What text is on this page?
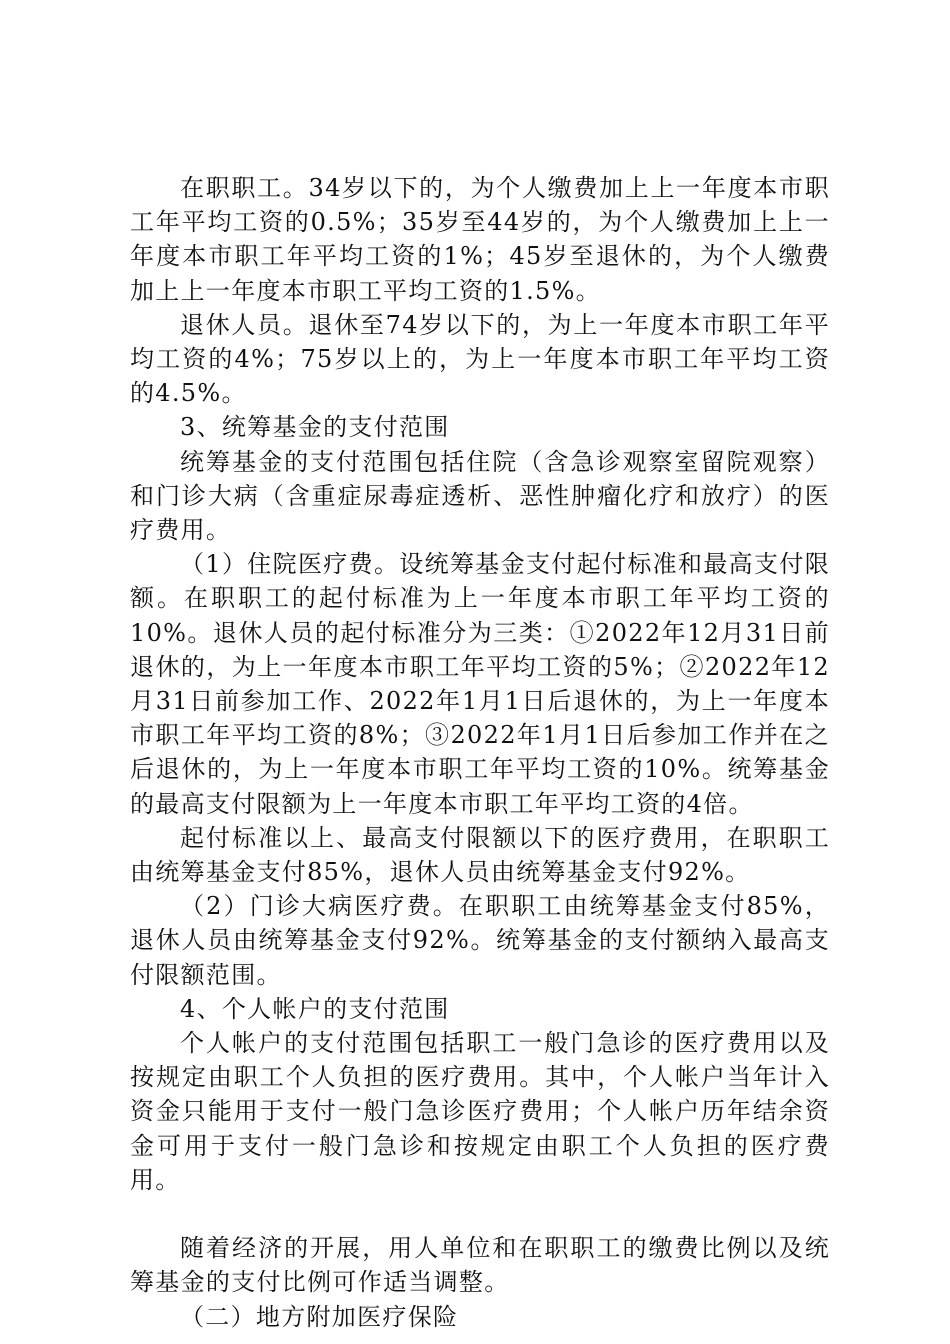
在职职工。34岁以下的，为个人缴费加上上一年度本市职工年平均工资的0.5%；35岁至44岁的，为个人缴费加上上一年度本市职工年平均工资的1%；45岁至退休的，为个人缴费加上上一年度本市职工平均工资的1.5%。

退休人员。退休至74岁以下的，为上一年度本市职工年平均工资的4%；75岁以上的，为上一年度本市职工年平均工资的4.5%。

3、统筹基金的支付范围

统筹基金的支付范围包括住院（含急诊观察室留院观察）和门诊大病（含重症尿毒症透析、恶性肿瘤化疗和放疗）的医疗费用。

（1）住院医疗费。设统筹基金支付起付标准和最高支付限额。在职职工的起付标准为上一年度本市职工年平均工资的10%。退休人员的起付标准分为三类：①2022年12月31日前退休的，为上一年度本市职工年平均工资的5%；②2022年12月31日前参加工作、2022年1月1日后退休的，为上一年度本市职工年平均工资的8%；③2022年1月1日后参加工作并在之后退休的，为上一年度本市职工年平均工资的10%。统筹基金的最高支付限额为上一年度本市职工年平均工资的4倍。

起付标准以上、最高支付限额以下的医疗费用，在职职工由统筹基金支付85%，退休人员由统筹基金支付92%。

（2）门诊大病医疗费。在职职工由统筹基金支付85%，退休人员由统筹基金支付92%。统筹基金的支付额纳入最高支付限额范围。

4、个人帐户的支付范围

个人帐户的支付范围包括职工一般门急诊的医疗费用以及按规定由职工个人负担的医疗费用。其中，个人帐户当年计入资金只能用于支付一般门急诊医疗费用；个人帐户历年结余资金可用于支付一般门急诊和按规定由职工个人负担的医疗费用。

随着经济的开展，用人单位和在职职工的缴费比例以及统筹基金的支付比例可作适当调整。

（二）地方附加医疗保险
